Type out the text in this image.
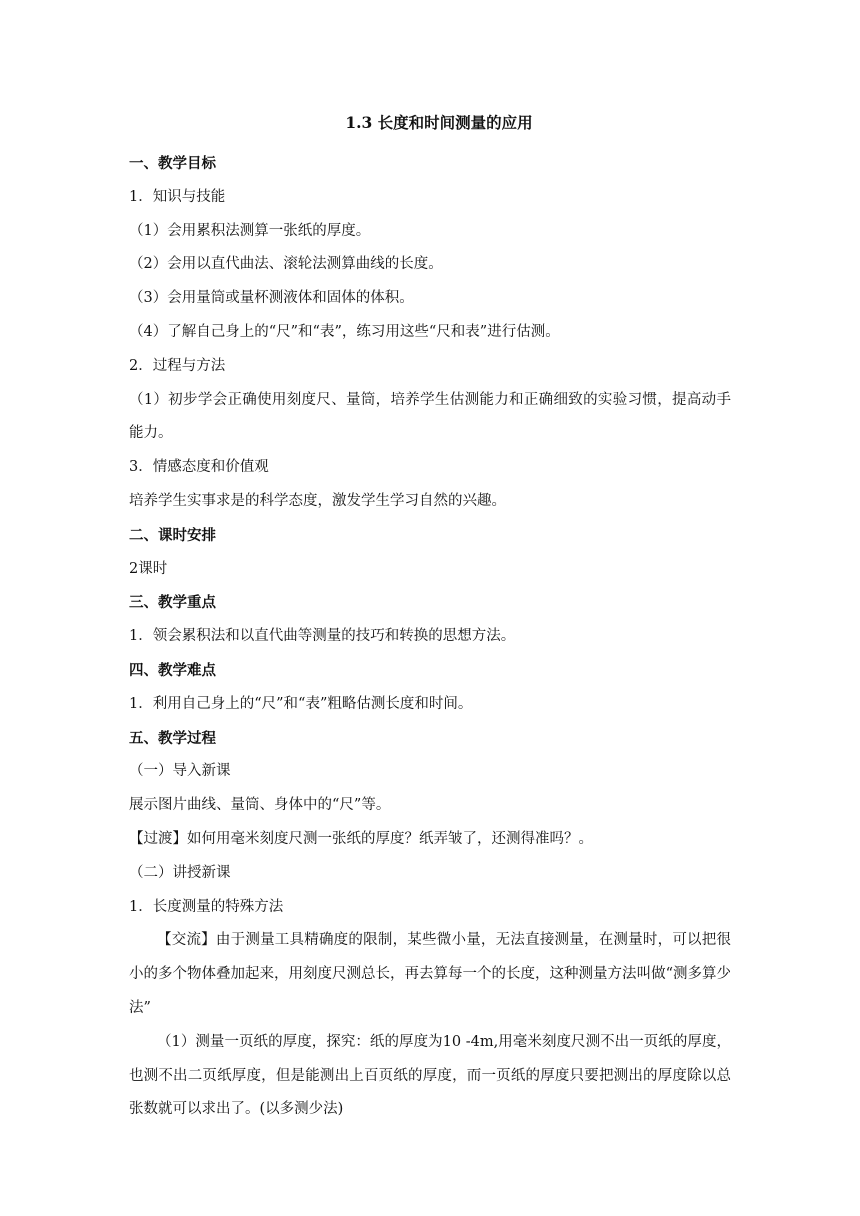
1.3 长度和时间测量的应用

一、教学目标

1．知识与技能

（1）会用累积法测算一张纸的厚度。

（2）会用以直代曲法、滚轮法测算曲线的长度。

（3）会用量筒或量杯测液体和固体的体积。

（4）了解自己身上的“尺”和“表”，练习用这些“尺和表”进行估测。

2．过程与方法

（1）初步学会正确使用刻度尺、量筒，培养学生估测能力和正确细致的实验习惯，提高动手能力。

3．情感态度和价值观

培养学生实事求是的科学态度，激发学生学习自然的兴趣。

二、课时安排

2课时

三、教学重点

1．领会累积法和以直代曲等测量的技巧和转换的思想方法。

四、教学难点

1．利用自己身上的“尺”和“表”粗略估测长度和时间。

五、教学过程

（一）导入新课

展示图片曲线、量筒、身体中的“尺”等。

【过渡】如何用毫米刻度尺测一张纸的厚度？纸弄皱了，还测得准吗？。

（二）讲授新课

1．长度测量的特殊方法

【交流】由于测量工具精确度的限制，某些微小量，无法直接测量，在测量时，可以把很小的多个物体叠加起来，用刻度尺测总长，再去算每一个的长度，这种测量方法叫做“测多算少法”

（1）测量一页纸的厚度，探究：纸的厚度为10 -4m,用毫米刻度尺测不出一页纸的厚度，也测不出二页纸厚度，但是能测出上百页纸的厚度，而一页纸的厚度只要把测出的厚度除以总张数就可以求出了。(以多测少法)
